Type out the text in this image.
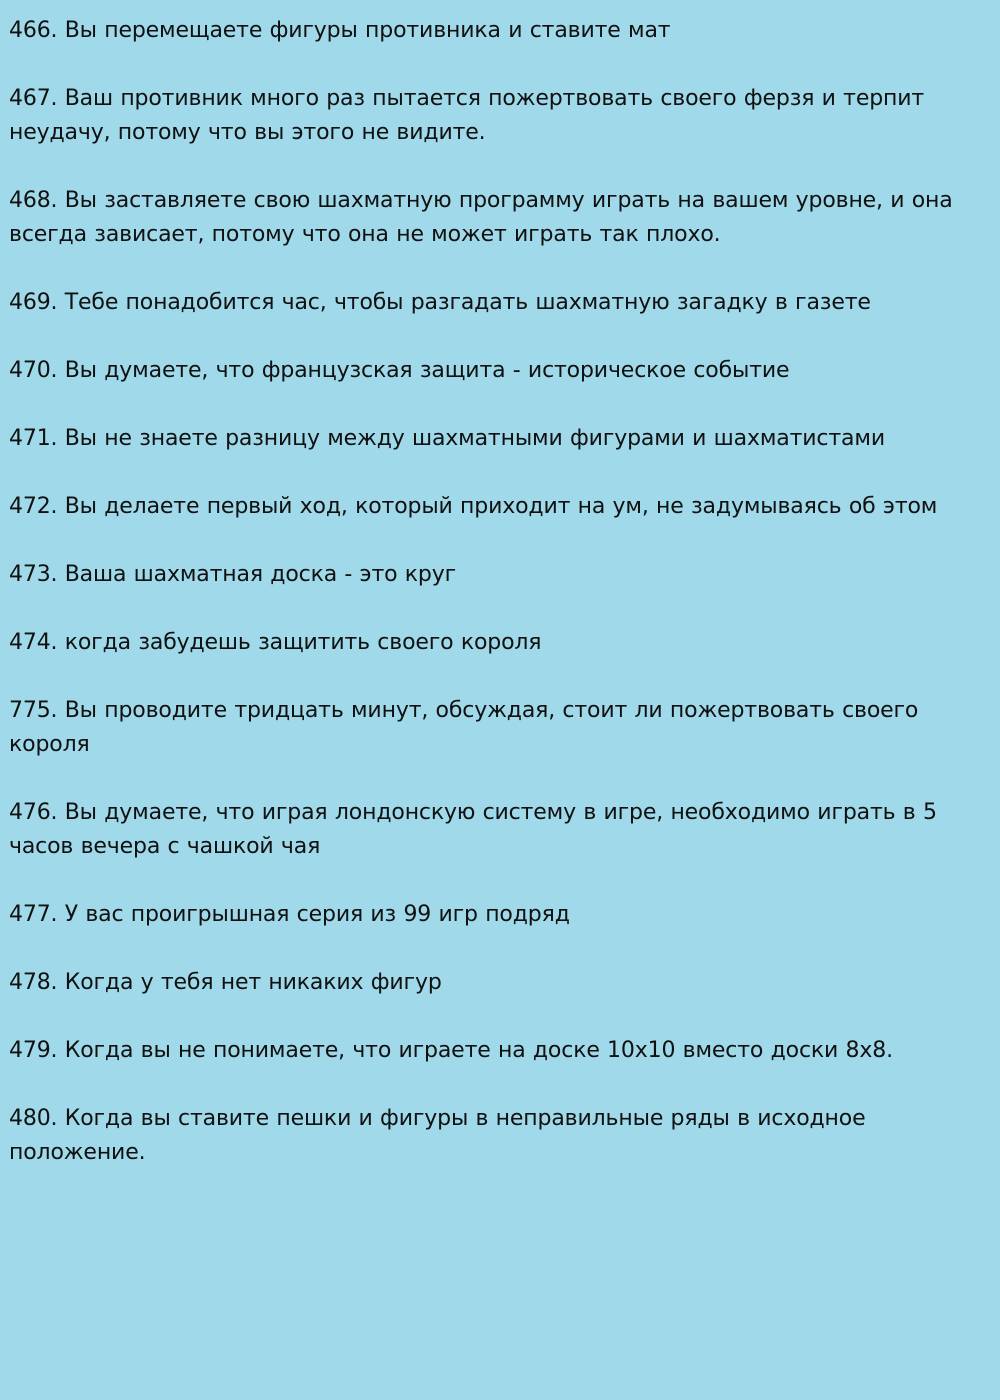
466. Вы перемещаете фигуры противника и ставите мат
467. Ваш противник много раз пытается пожертвовать своего ферзя и терпит неудачу, потому что вы этого не видите.
468. Вы заставляете свою шахматную программу играть на вашем уровне, и она всегда зависает, потому что она не может играть так плохо.
469. Тебе понадобится час, чтобы разгадать шахматную загадку в газете
470. Вы думаете, что французская защита - историческое событие
471. Вы не знаете разницу между шахматными фигурами и шахматистами
472. Вы делаете первый ход, который приходит на ум, не задумываясь об этом
473. Ваша шахматная доска - это круг
474. когда забудешь защитить своего короля
775. Вы проводите тридцать минут, обсуждая, стоит ли пожертвовать своего короля
476. Вы думаете, что играя лондонскую систему в игре, необходимо играть в 5 часов вечера с чашкой чая
477. У вас проигрышная серия из 99 игр подряд
478. Когда у тебя нет никаких фигур
479. Когда вы не понимаете, что играете на доске 10x10 вместо доски 8x8.
480. Когда вы ставите пешки и фигуры в неправильные ряды в исходное положение.
